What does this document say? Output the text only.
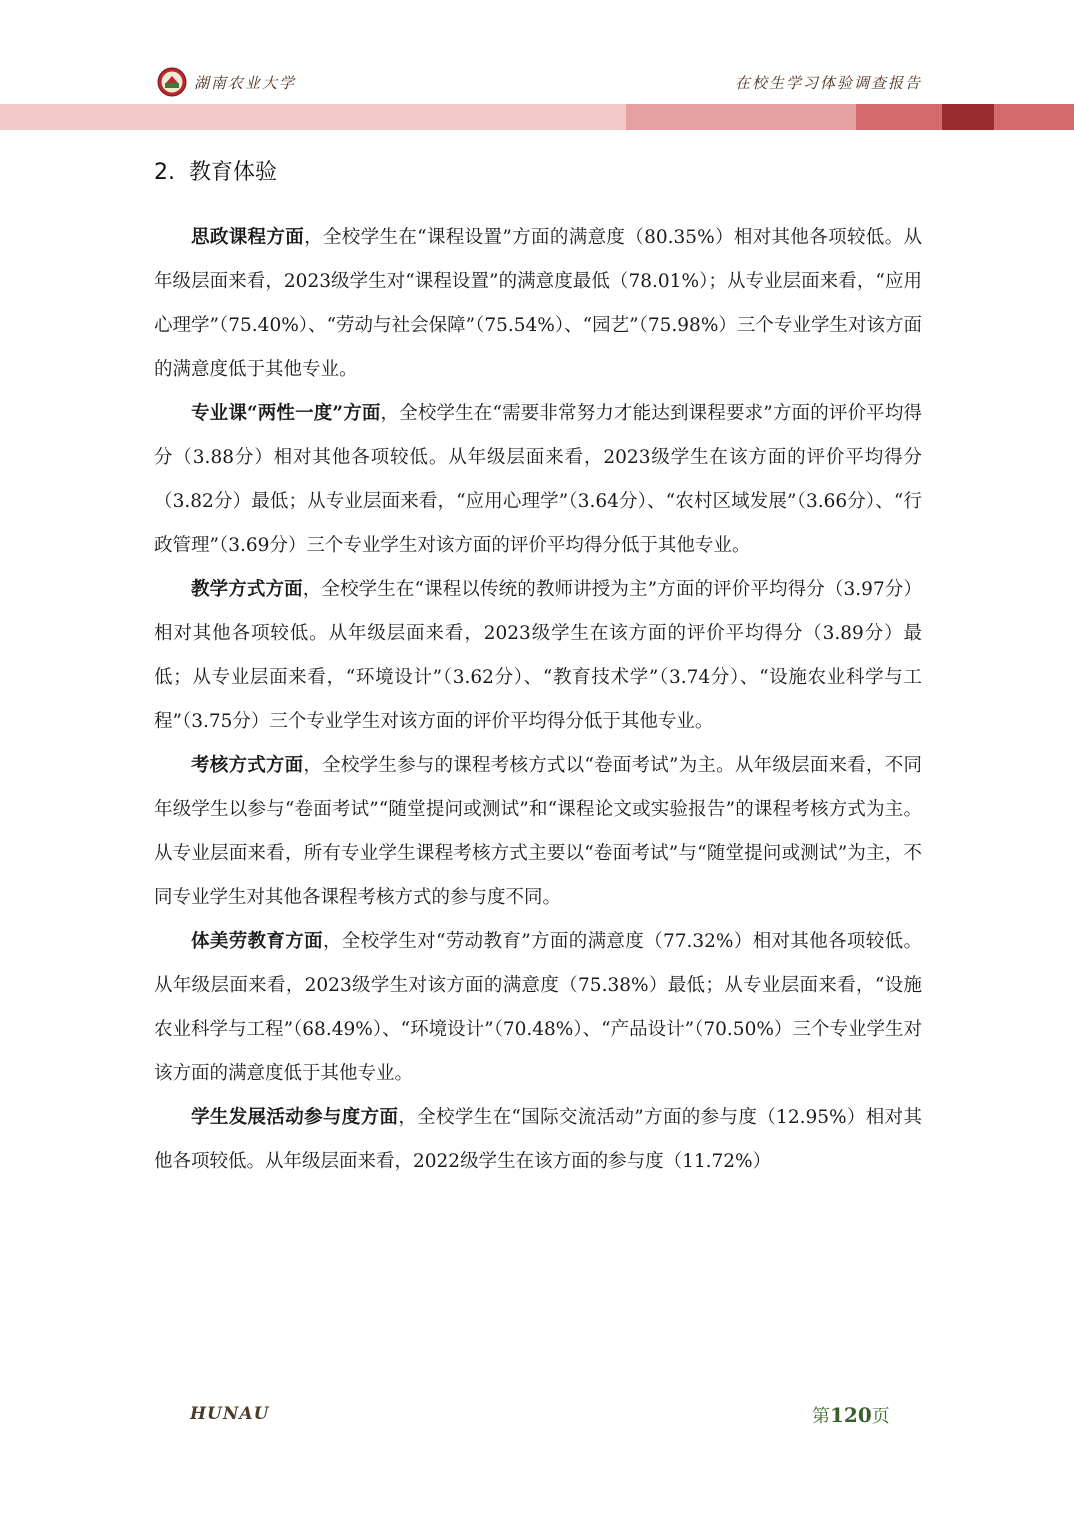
湖南农业大学	在校生学习体验调查报告
2. 教育体验

思政课程方面，全校学生在“课程设置”方面的满意度（80.35%）相对其他各项较低。从年级层面来看，2023级学生对“课程设置”的满意度最低（78.01%）；从专业层面来看，“应用心理学”（75.40%）、“劳动与社会保障”（75.54%）、“园艺”（75.98%）三个专业学生对该方面的满意度低于其他专业。

专业课“两性一度”方面，全校学生在“需要非常努力才能达到课程要求”方面的评价平均得分（3.88分）相对其他各项较低。从年级层面来看，2023级学生在该方面的评价平均得分（3.82分）最低；从专业层面来看，“应用心理学”（3.64分）、“农村区域发展”（3.66分）、“行政管理”（3.69分）三个专业学生对该方面的评价平均得分低于其他专业。

教学方式方面，全校学生在“课程以传统的教师讲授为主”方面的评价平均得分（3.97分）相对其他各项较低。从年级层面来看，2023级学生在该方面的评价平均得分（3.89分）最低；从专业层面来看，“环境设计”（3.62分）、“教育技术学”（3.74分）、“设施农业科学与工程”（3.75分）三个专业学生对该方面的评价平均得分低于其他专业。

考核方式方面，全校学生参与的课程考核方式以“卷面考试”为主。从年级层面来看，不同年级学生以参与“卷面考试”“随堂提问或测试”和“课程论文或实验报告”的课程考核方式为主。从专业层面来看，所有专业学生课程考核方式主要以“卷面考试”与“随堂提问或测试”为主，不同专业学生对其他各课程考核方式的参与度不同。

体美劳教育方面，全校学生对“劳动教育”方面的满意度（77.32%）相对其他各项较低。从年级层面来看，2023级学生对该方面的满意度（75.38%）最低；从专业层面来看，“设施农业科学与工程”（68.49%）、“环境设计”（70.48%）、“产品设计”（70.50%）三个专业学生对该方面的满意度低于其他专业。

学生发展活动参与度方面，全校学生在“国际交流活动”方面的参与度（12.95%）相对其他各项较低。从年级层面来看，2022级学生在该方面的参与度（11.72%）

HUNAU	第120页
